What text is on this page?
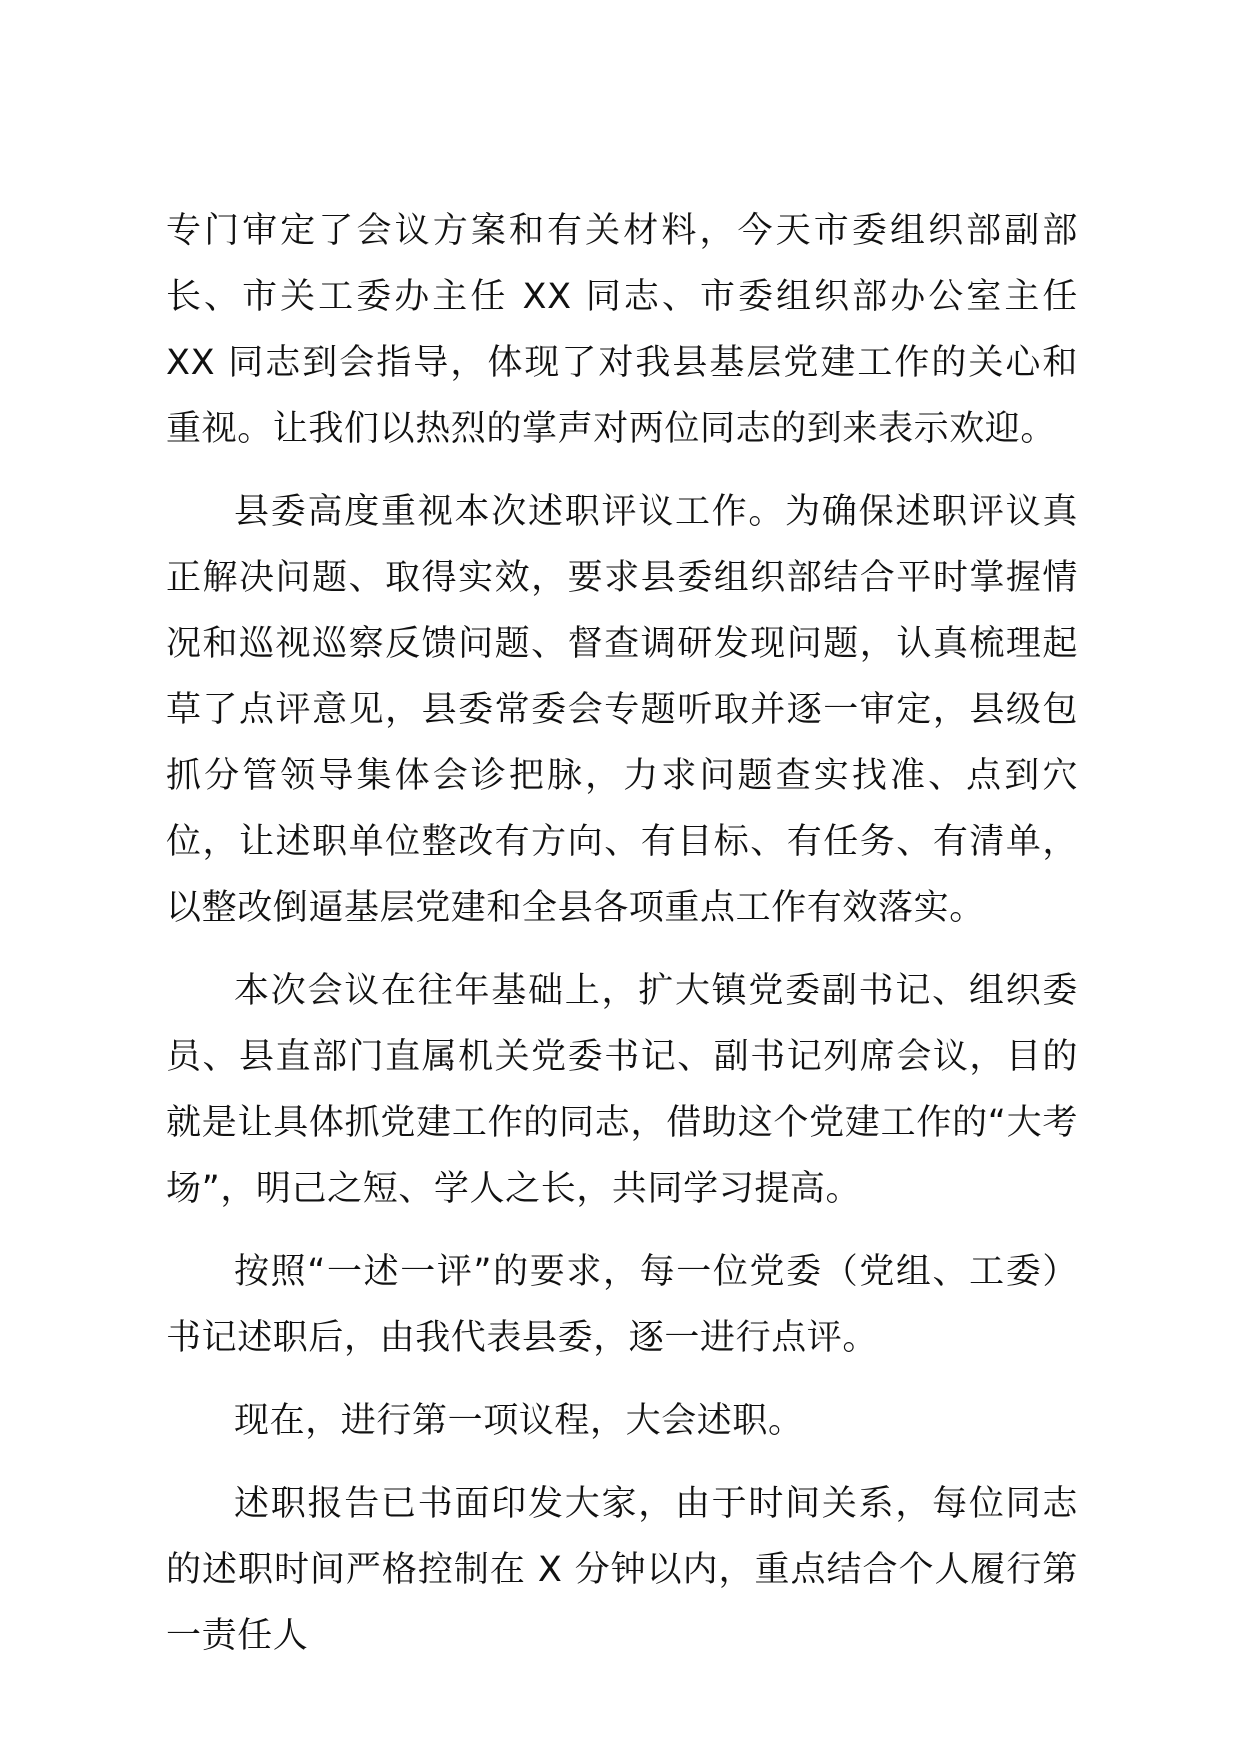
专门审定了会议方案和有关材料，今天市委组织部副部长、市关工委办主任 XX 同志、市委组织部办公室主任 XX 同志到会指导，体现了对我县基层党建工作的关心和重视。让我们以热烈的掌声对两位同志的到来表示欢迎。

县委高度重视本次述职评议工作。为确保述职评议真正解决问题、取得实效，要求县委组织部结合平时掌握情况和巡视巡察反馈问题、督查调研发现问题，认真梳理起草了点评意见，县委常委会专题听取并逐一审定，县级包抓分管领导集体会诊把脉，力求问题查实找准、点到穴位，让述职单位整改有方向、有目标、有任务、有清单，以整改倒逼基层党建和全县各项重点工作有效落实。

本次会议在往年基础上，扩大镇党委副书记、组织委员、县直部门直属机关党委书记、副书记列席会议，目的就是让具体抓党建工作的同志，借助这个党建工作的“大考场”，明己之短、学人之长，共同学习提高。

按照“一述一评”的要求，每一位党委（党组、工委）书记述职后，由我代表县委，逐一进行点评。

现在，进行第一项议程，大会述职。

述职报告已书面印发大家，由于时间关系，每位同志的述职时间严格控制在 X 分钟以内，重点结合个人履行第一责任人
